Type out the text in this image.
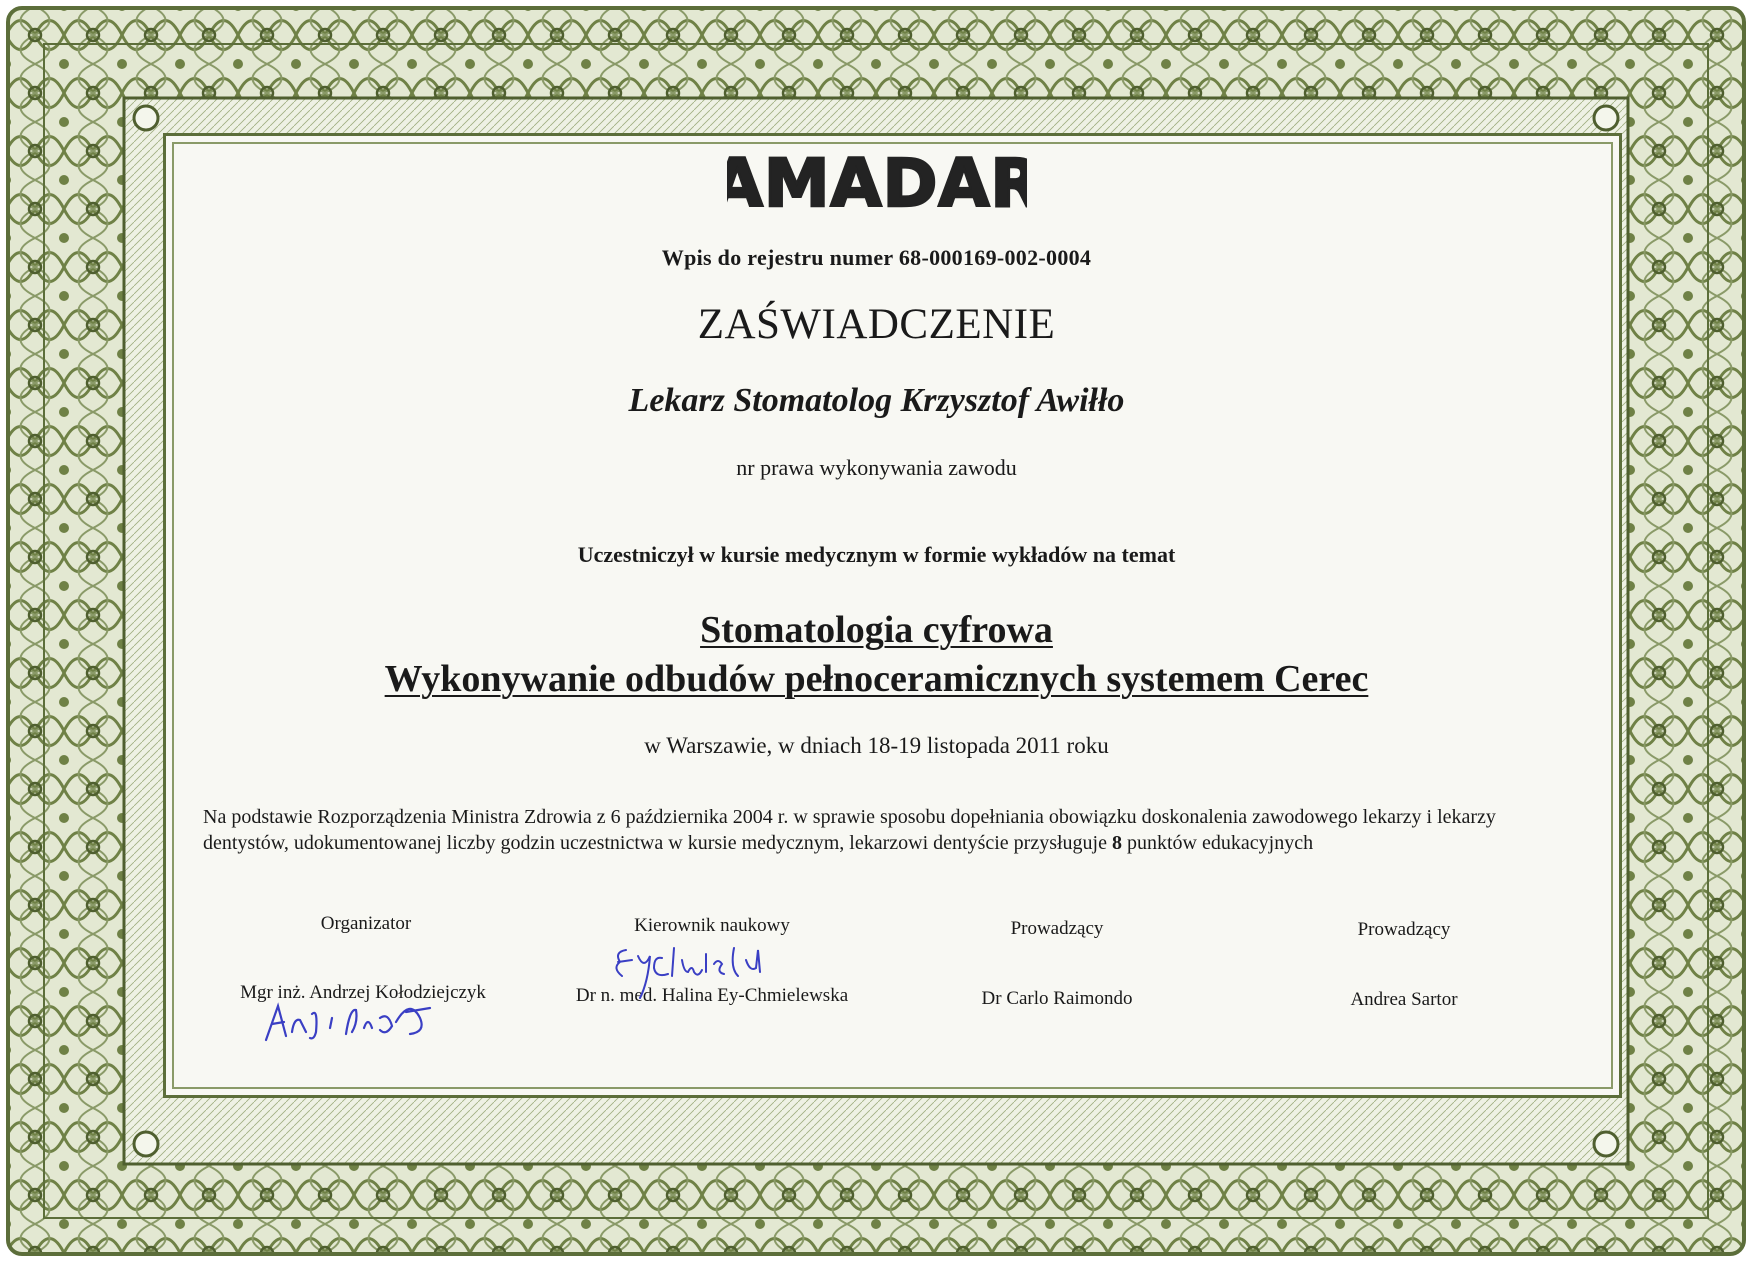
AMADAR
Wpis do rejestru numer 68-000169-002-0004
ZAŚWIADCZENIE
Lekarz Stomatolog Krzysztof Awiłło
nr prawa wykonywania zawodu
Uczestniczył w kursie medycznym w formie wykładów na temat
Stomatologia cyfrowa
Wykonywanie odbudów pełnoceramicznych systemem Cerec
w Warszawie, w dniach 18-19 listopada 2011 roku
Na podstawie Rozporządzenia Ministra Zdrowia z 6 października 2004 r. w sprawie sposobu dopełniania obowiązku doskonalenia zawodowego lekarzy i lekarzy dentystów, udokumentowanej liczby godzin uczestnictwa w kursie medycznym, lekarzowi dentyście przysługuje 8 punktów edukacyjnych
Organizator	Kierownik naukowy	Prowadzący	Prowadzący
Mgr inż. Andrzej Kołodziejczyk	Dr n. med. Halina Ey-Chmielewska	Dr Carlo Raimondo	Andrea Sartor
